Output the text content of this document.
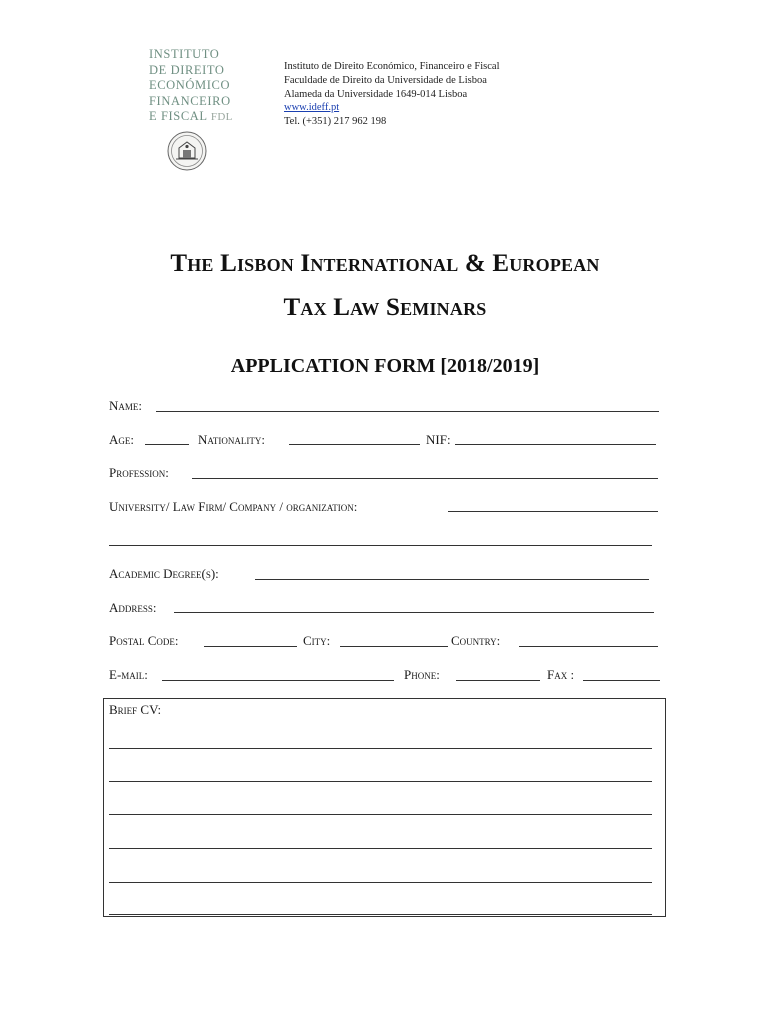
INSTITUTO
DE DIREITO
ECONÓMICO
FINANCEIRO
E FISCAL FDL
Instituto de Direito Económico, Financeiro e Fiscal
Faculdade de Direito da Universidade de Lisboa
Alameda da Universidade 1649-014 Lisboa
www.ideff.pt
Tel. (+351) 217 962 198
The Lisbon International & European
Tax Law Seminars
APPLICATION FORM [2018/2019]
Name:
Age:	Nationality:	NIF:
Profession:
University/ Law Firm/ Company / organization:
Academic Degree(s):
Address:
Postal Code:	City:	Country:
E-mail:	Phone:	Fax :
Brief CV:
